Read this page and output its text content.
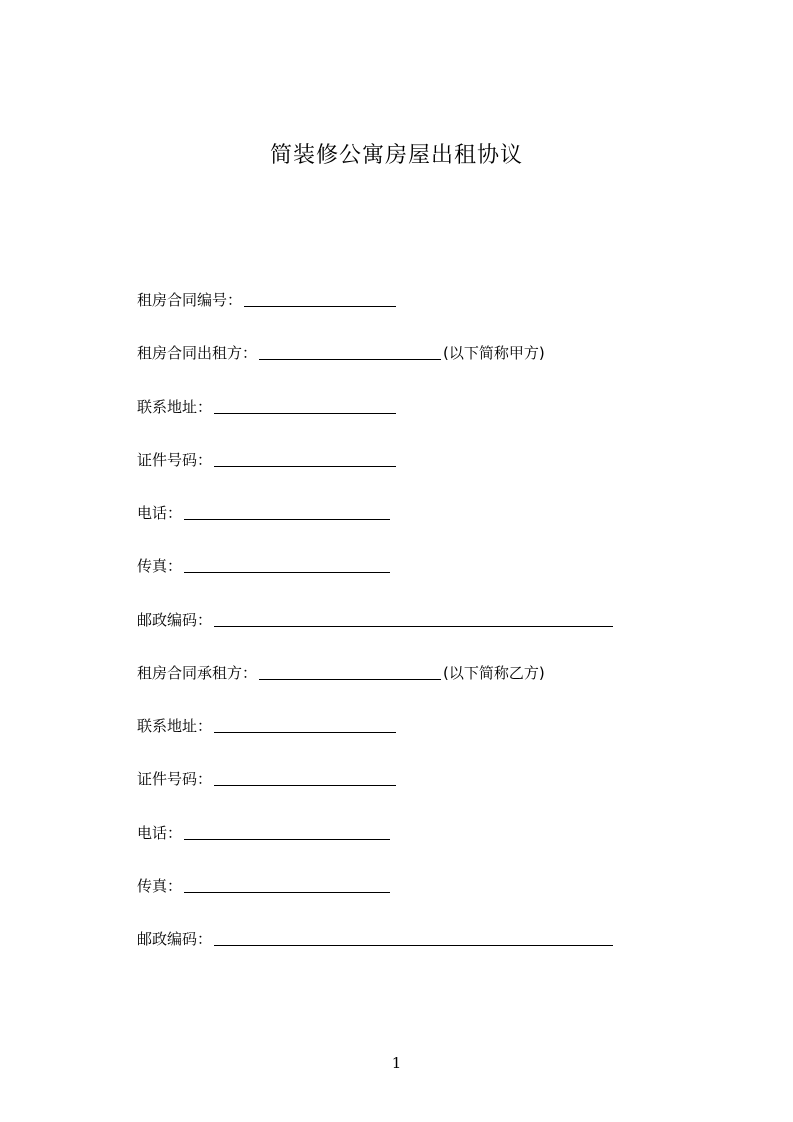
简装修公寓房屋出租协议
租房合同编号：
租房合同出租方：	(以下简称甲方)
联系地址：
证件号码：
电话：
传真：
邮政编码：
租房合同承租方：	(以下简称乙方)
联系地址：
证件号码：
电话：
传真：
邮政编码：
1
